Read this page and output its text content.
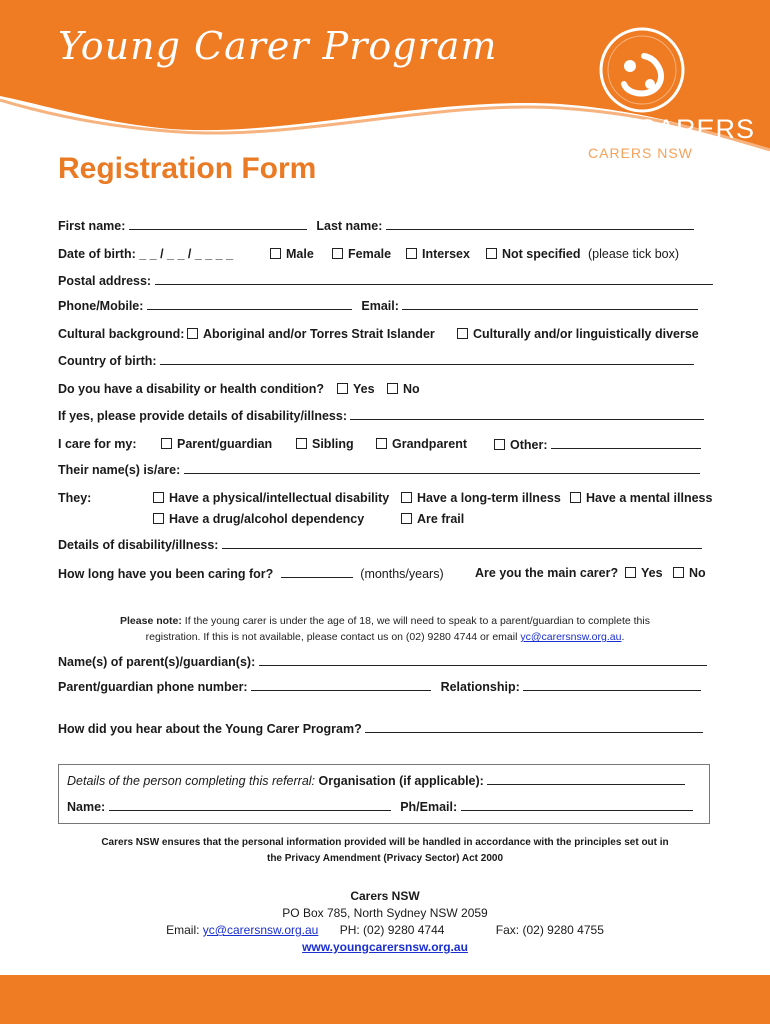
Young Carer Program
YOUNG CARERS
CARERS NSW
Registration Form
First name:	Last name:
Date of birth: _ _ / _ _ / _ _ _ _	Male	Female	Intersex	Not specified (please tick box)
Postal address:
Phone/Mobile:	Email:
Cultural background:	Aboriginal and/or Torres Strait Islander	Culturally and/or linguistically diverse
Country of birth:
Do you have a disability or health condition?	Yes	No
If yes, please provide details of disability/illness:
I care for my:	Parent/guardian	Sibling	Grandparent	Other:
Their name(s) is/are:
They:	Have a physical/intellectual disability	Have a long-term illness	Have a mental illness
Have a drug/alcohol dependency	Are frail
Details of disability/illness:
How long have you been caring for?	(months/years)	Are you the main carer?	Yes	No
Please note: If the young carer is under the age of 18, we will need to speak to a parent/guardian to complete this
registration. If this is not available, please contact us on (02) 9280 4744 or email yc@carersnsw.org.au.
Name(s) of parent(s)/guardian(s):
Parent/guardian phone number:	Relationship:
How did you hear about the Young Carer Program?
Details of the person completing this referral: Organisation (if applicable):
Name:	Ph/Email:
Carers NSW ensures that the personal information provided will be handled in accordance with the principles set out in
the Privacy Amendment (Privacy Sector) Act 2000
Carers NSW
PO Box 785, North Sydney NSW 2059
Email: yc@carersnsw.org.au PH: (02) 9280 4744	Fax: (02) 9280 4755
www.youngcarersnsw.org.au
